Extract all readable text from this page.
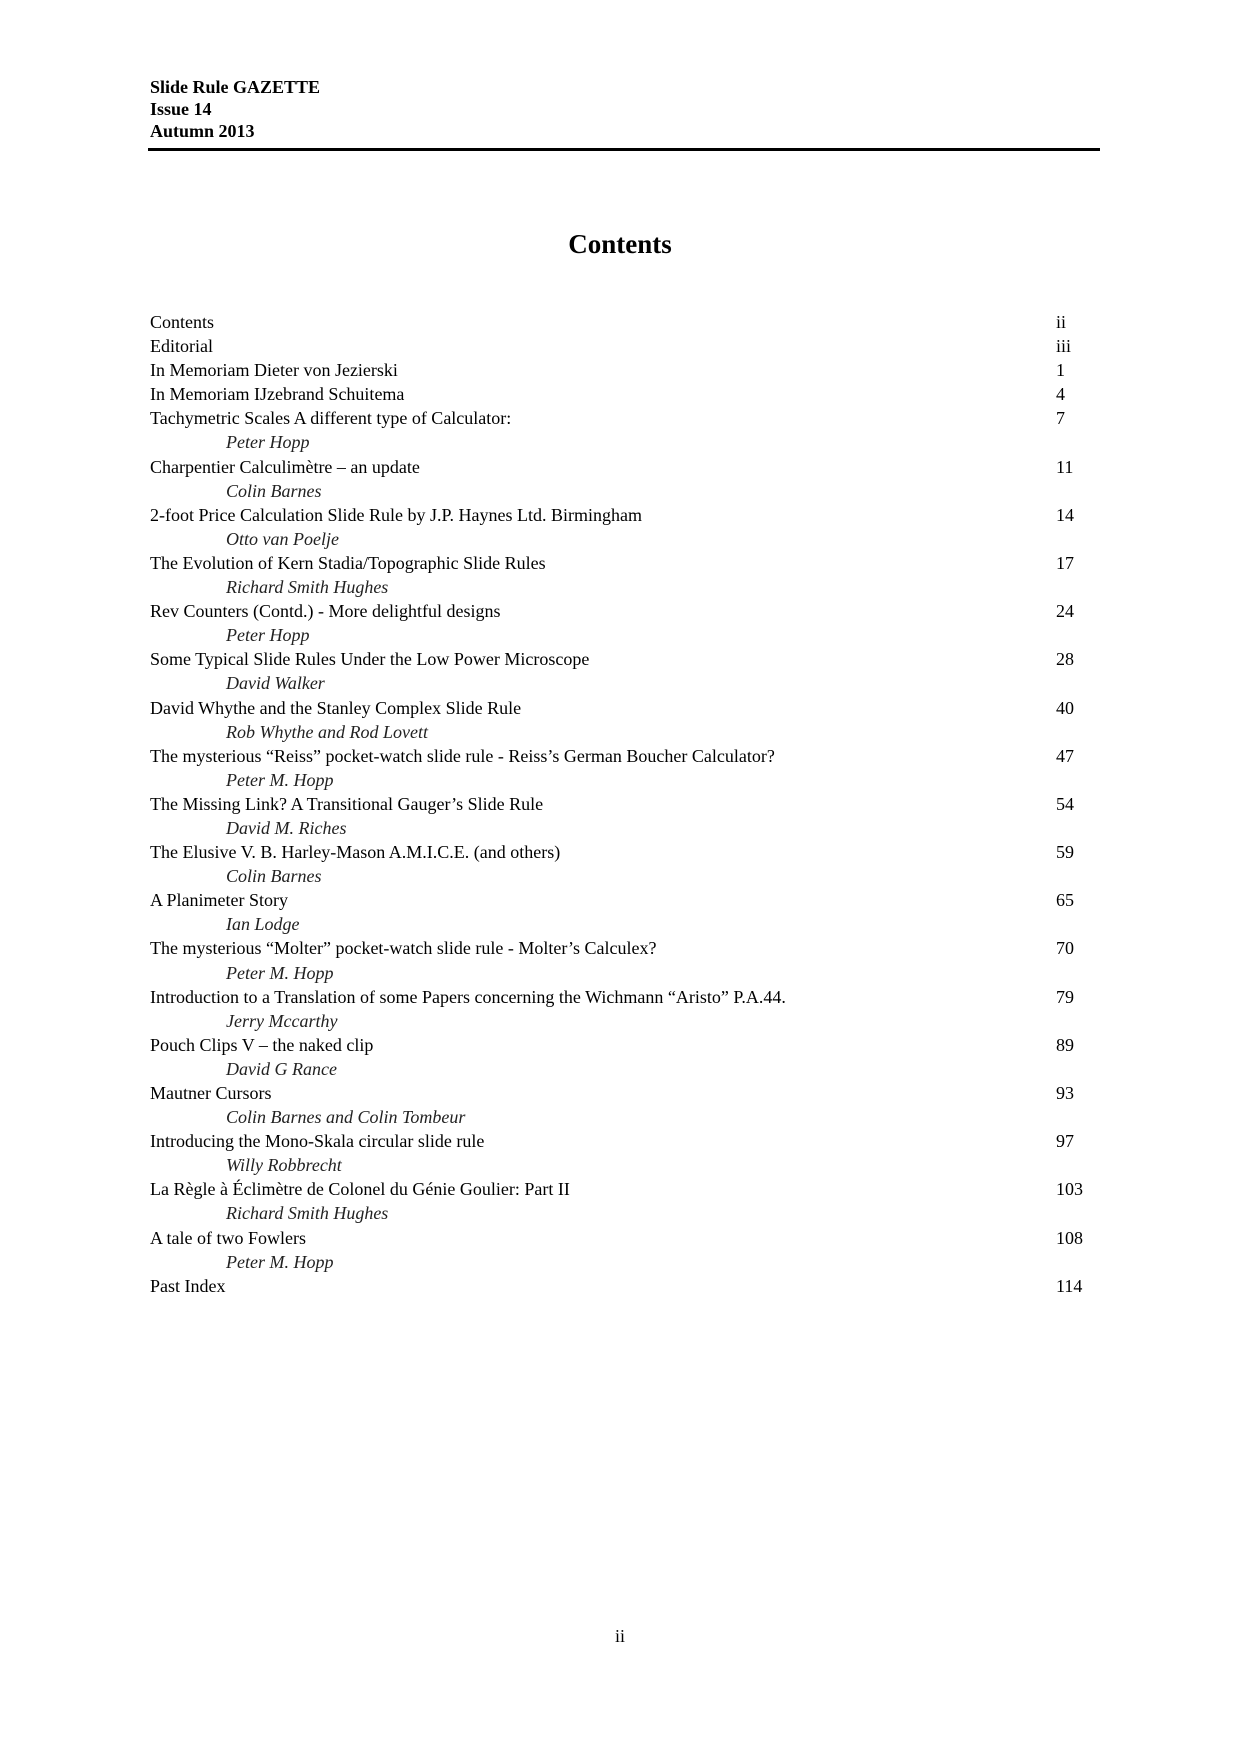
Slide Rule GAZETTE
Issue 14
Autumn 2013
Contents
Contents	ii
Editorial	iii
In Memoriam Dieter von Jezierski	1
In Memoriam IJzebrand Schuitema	4
Tachymetric Scales A different type of Calculator:	7
Peter Hopp
Charpentier Calculimètre – an update	11
Colin Barnes
2-foot Price Calculation Slide Rule by J.P. Haynes Ltd. Birmingham	14
Otto van Poelje
The Evolution of Kern Stadia/Topographic Slide Rules	17
Richard Smith Hughes
Rev Counters (Contd.) - More delightful designs	24
Peter Hopp
Some Typical Slide Rules Under the Low Power Microscope	28
David Walker
David Whythe and the Stanley Complex Slide Rule	40
Rob Whythe and Rod Lovett
The mysterious “Reiss” pocket-watch slide rule - Reiss’s German Boucher Calculator?	47
Peter M. Hopp
The Missing Link? A Transitional Gauger’s Slide Rule	54
David M. Riches
The Elusive V. B. Harley-Mason A.M.I.C.E. (and others)	59
Colin Barnes
A Planimeter Story	65
Ian Lodge
The mysterious “Molter” pocket-watch slide rule - Molter’s Calculex?	70
Peter M. Hopp
Introduction to a Translation of some Papers concerning the Wichmann “Aristo” P.A.44.	79
Jerry Mccarthy
Pouch Clips V – the naked clip	89
David G Rance
Mautner Cursors	93
Colin Barnes and Colin Tombeur
Introducing the Mono-Skala circular slide rule	97
Willy Robbrecht
La Règle à Éclimètre de Colonel du Génie Goulier: Part II	103
Richard Smith Hughes
A tale of two Fowlers	108
Peter M. Hopp
Past Index	114
ii
